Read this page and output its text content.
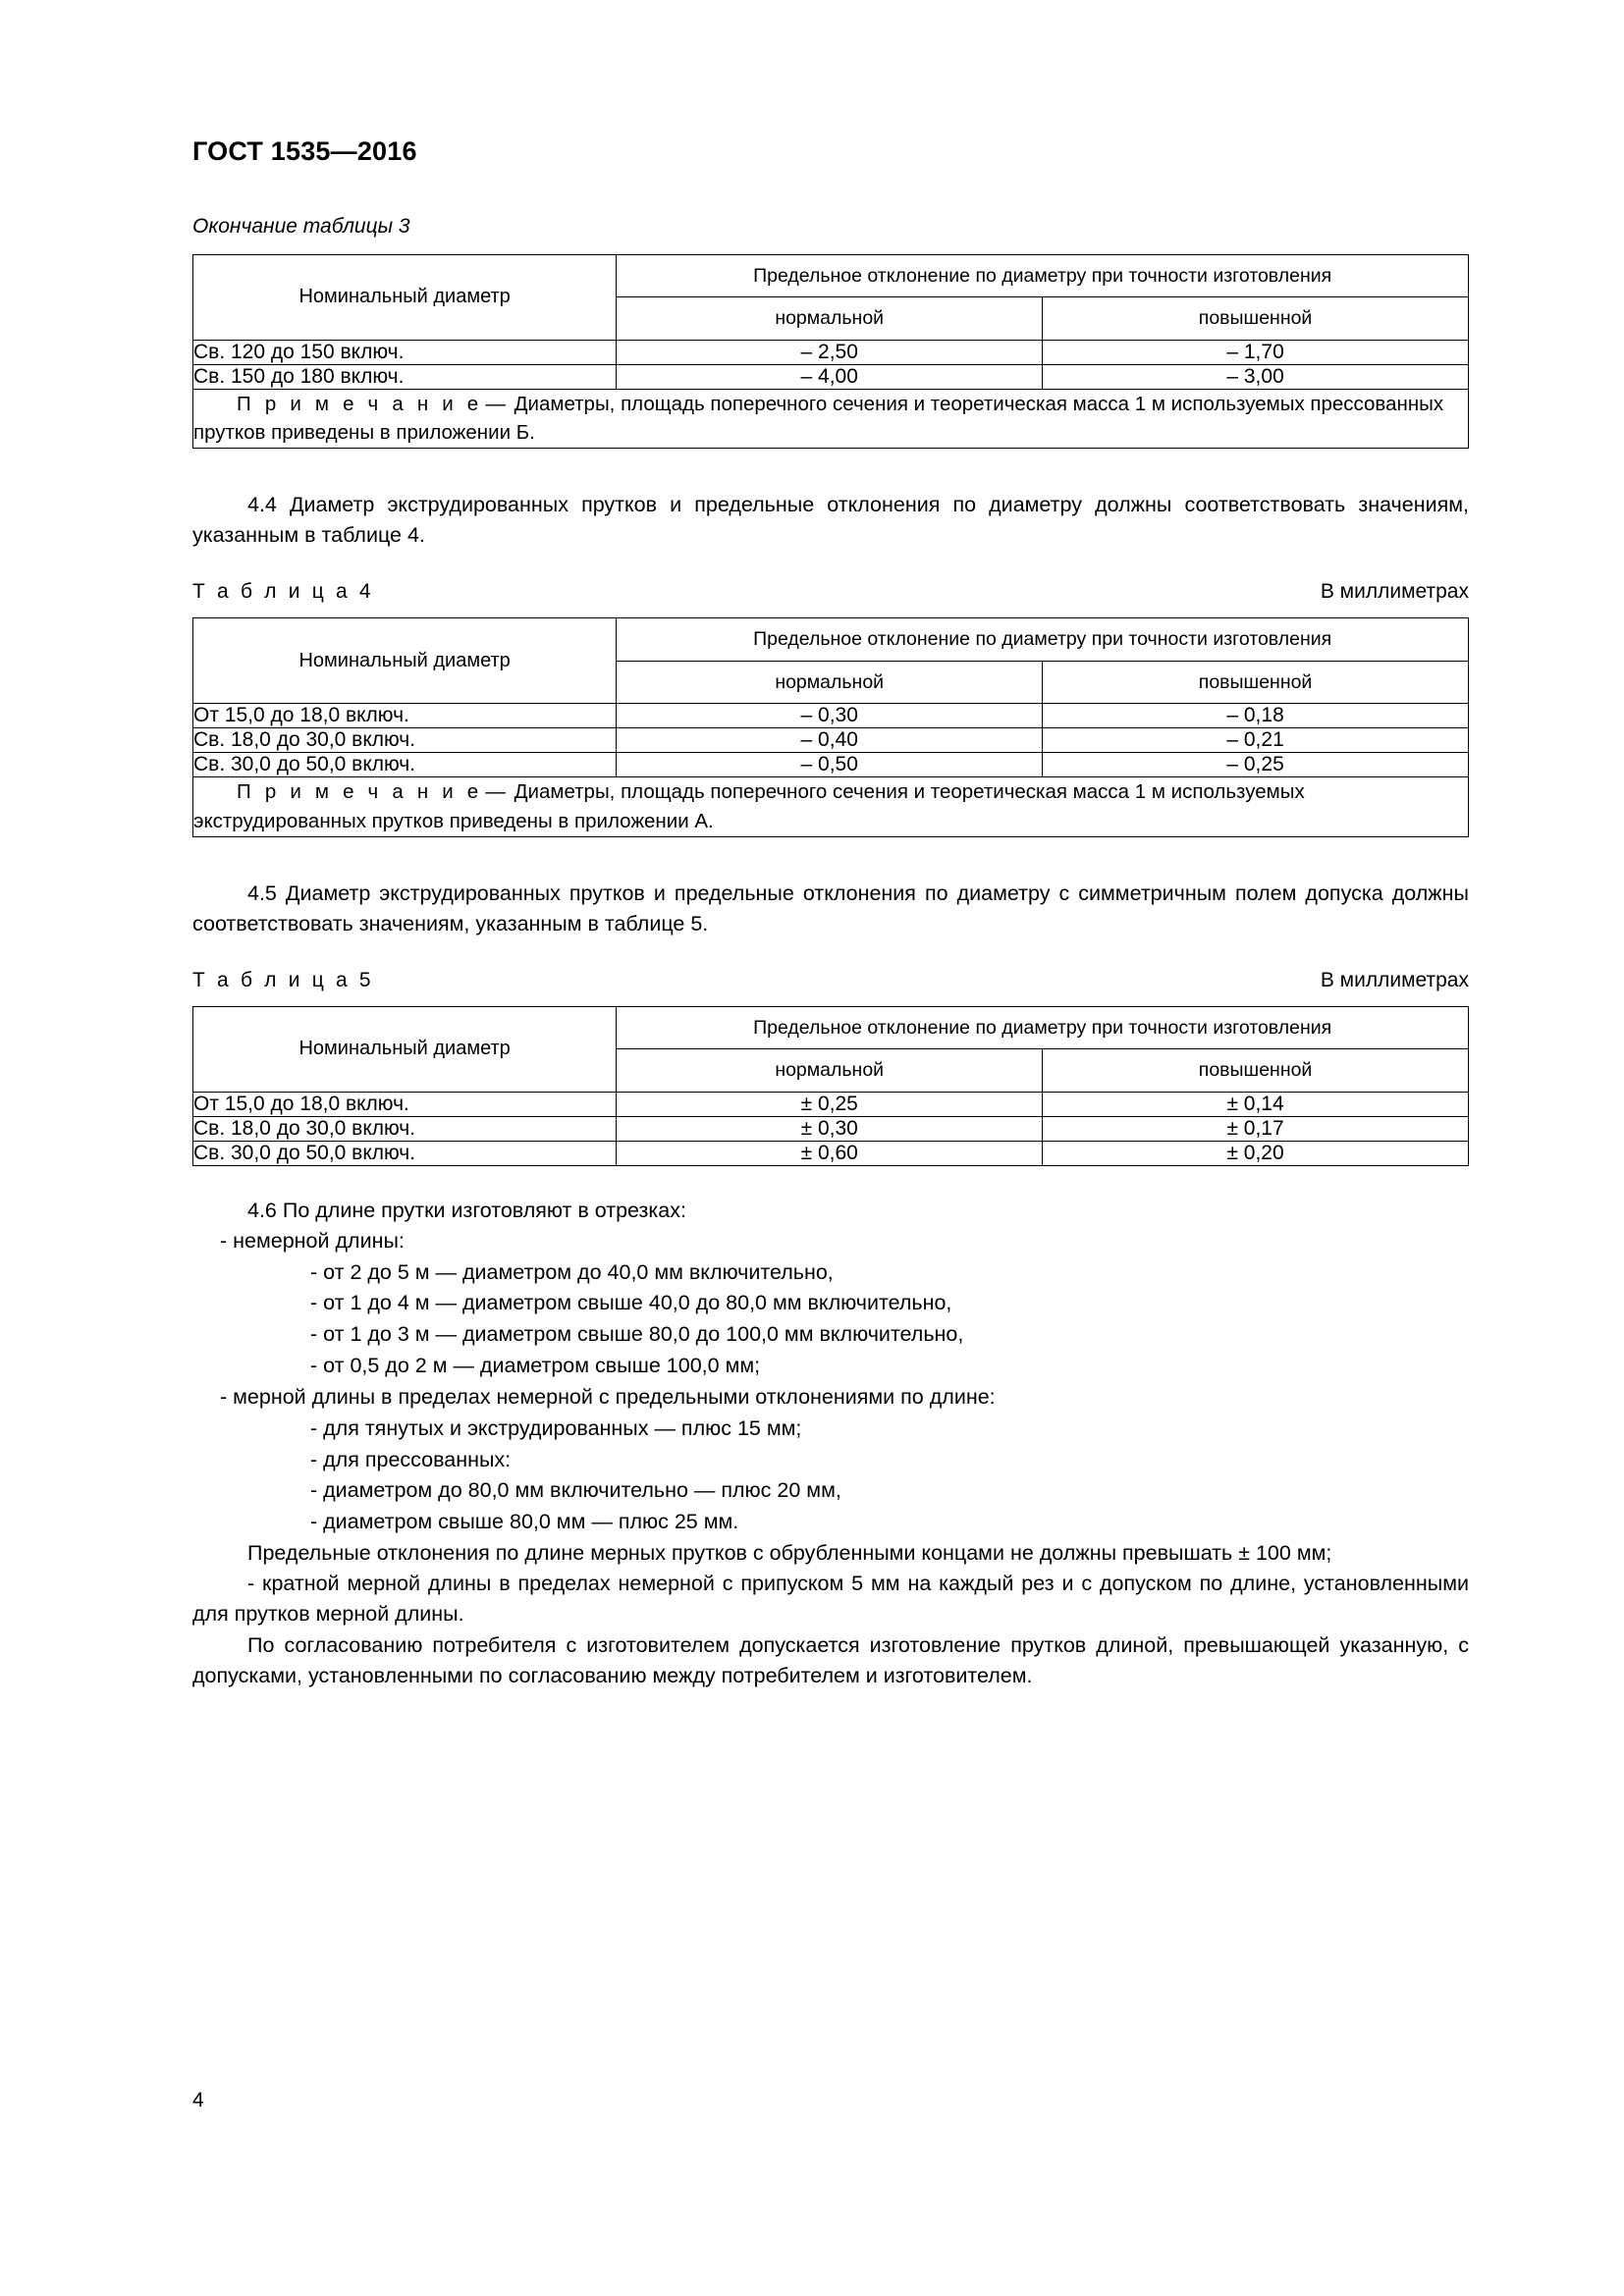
ГОСТ 1535—2016
Окончание таблицы 3
Номинальный диаметр	Предельное отклонение по диаметру при точности изготовления	
	нормальной	повышенной
Св. 120 до 150 включ.	– 2,50	– 1,70
Св. 150 до 180 включ.	– 4,00	– 3,00
П р и м е ч а н и е — Диаметры, площадь поперечного сечения и теоретическая масса 1 м используемых прессованных прутков приведены в приложении Б.		

4.4 Диаметр экструдированных прутков и предельные отклонения по диаметру должны соответствовать значениям, указанным в таблице 4.

Т а б л и ц а 4	В миллиметрах
Номинальный диаметр	Предельное отклонение по диаметру при точности изготовления	
	нормальной	повышенной
От 15,0 до 18,0 включ.	– 0,30	– 0,18
Св. 18,0 до 30,0 включ.	– 0,40	– 0,21
Св. 30,0 до 50,0 включ.	– 0,50	– 0,25
П р и м е ч а н и е — Диаметры, площадь поперечного сечения и теоретическая масса 1 м используемых экструдированных прутков приведены в приложении А.		

4.5 Диаметр экструдированных прутков и предельные отклонения по диаметру с симметричным полем допуска должны соответствовать значениям, указанным в таблице 5.

Т а б л и ц а 5	В миллиметрах
Номинальный диаметр	Предельное отклонение по диаметру при точности изготовления	
	нормальной	повышенной
От 15,0 до 18,0 включ.	± 0,25	± 0,14
Св. 18,0 до 30,0 включ.	± 0,30	± 0,17
Св. 30,0 до 50,0 включ.	± 0,60	± 0,20

4.6 По длине прутки изготовляют в отрезках:

- немерной длины:
- от 2 до 5 м — диаметром до 40,0 мм включительно,
- от 1 до 4 м — диаметром свыше 40,0 до 80,0 мм включительно,
- от 1 до 3 м — диаметром свыше 80,0 до 100,0 мм включительно,
- от 0,5 до 2 м — диаметром свыше 100,0 мм;
- мерной длины в пределах немерной с предельными отклонениями по длине:
- для тянутых и экструдированных — плюс 15 мм;
- для прессованных:
- диаметром до 80,0 мм включительно — плюс 20 мм,
- диаметром свыше 80,0 мм — плюс 25 мм.

Предельные отклонения по длине мерных прутков с обрубленными концами не должны превышать ± 100 мм;

- кратной мерной длины в пределах немерной с припуском 5 мм на каждый рез и с допуском по длине, установленными для прутков мерной длины.

По согласованию потребителя с изготовителем допускается изготовление прутков длиной, превышающей указанную, с допусками, установленными по согласованию между потребителем и изготовителем.

4
